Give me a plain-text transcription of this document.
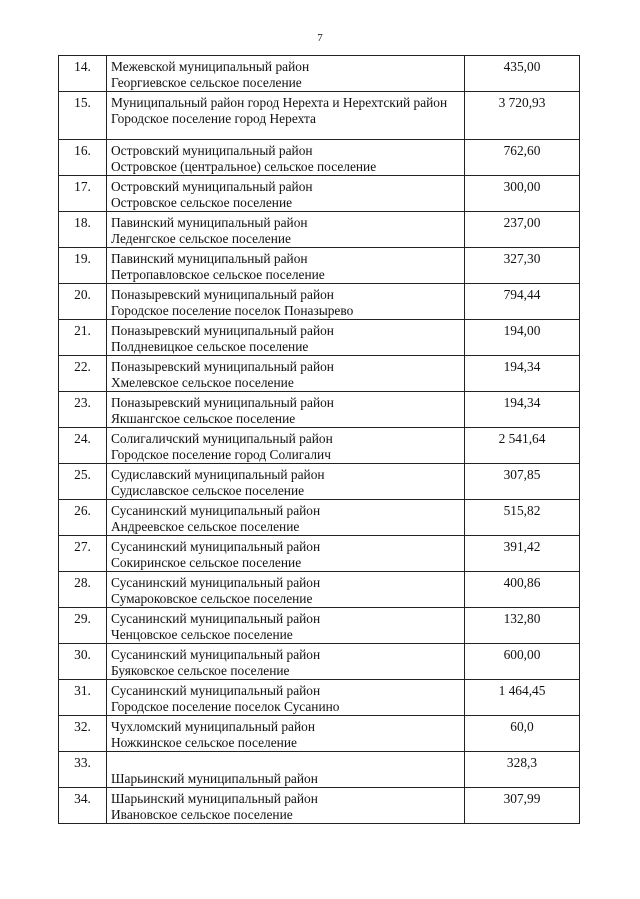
7
14.	Межевской муниципальный район
Георгиевское сельское поселение	435,00
15.	Муниципальный район город Нерехта и Нерехтский район
Городское поселение город Нерехта	3 720,93
16.	Островский муниципальный район
Островское (центральное) сельское поселение	762,60
17.	Островский муниципальный район
Островское сельское поселение	300,00
18.	Павинский муниципальный район
Леденгское сельское поселение	237,00
19.	Павинский муниципальный район
Петропавловское сельское поселение	327,30
20.	Поназыревский муниципальный район
Городское поселение поселок Поназырево	794,44
21.	Поназыревский муниципальный район
Полдневицкое сельское поселение	194,00
22.	Поназыревский муниципальный район
Хмелевское сельское поселение	194,34
23.	Поназыревский муниципальный район
Якшангское сельское поселение	194,34
24.	Солигаличский муниципальный район
Городское поселение город Солигалич	2 541,64
25.	Судиславский муниципальный район
Судиславское сельское поселение	307,85
26.	Сусанинский муниципальный район
Андреевское сельское поселение	515,82
27.	Сусанинский муниципальный район
Сокиринское сельское поселение	391,42
28.	Сусанинский муниципальный район
Сумароковское сельское поселение	400,86
29.	Сусанинский муниципальный район
Ченцовское сельское поселение	132,80
30.	Сусанинский муниципальный район
Буяковское сельское поселение	600,00
31.	Сусанинский муниципальный район
Городское поселение поселок Сусанино	1 464,45
32.	Чухломский муниципальный район
Ножкинское сельское поселение	60,0
33.	Шарьинский муниципальный район	328,3
34.	Шарьинский муниципальный район
Ивановское сельское поселение	307,99
